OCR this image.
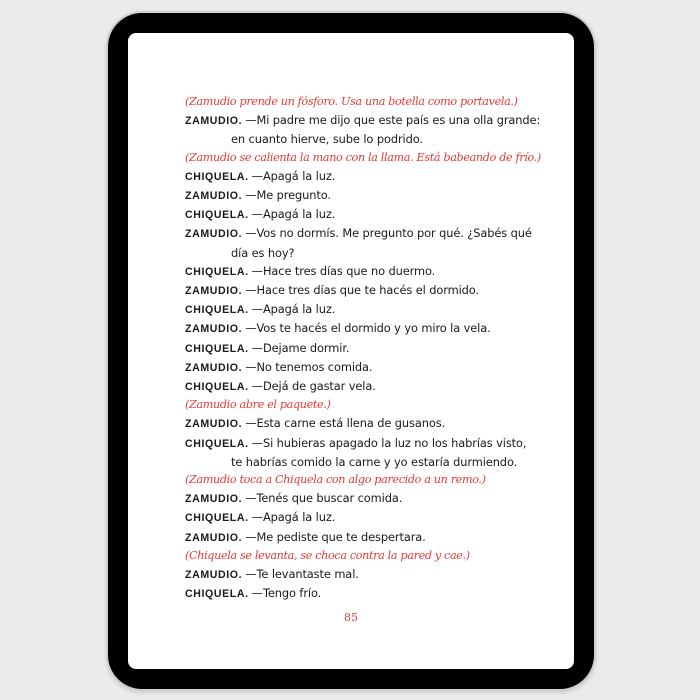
(Zamudio prende un fósforo. Usa una botella como portavela.)
ZAMUDIO. —Mi padre me dijo que este país es una olla grande:
en cuanto hierve, sube lo podrido.
(Zamudio se calienta la mano con la llama. Está babeando de frío.)
CHIQUELA. —Apagá la luz.
ZAMUDIO. —Me pregunto.
CHIQUELA. —Apagá la luz.
ZAMUDIO. —Vos no dormís. Me pregunto por qué. ¿Sabés qué
día es hoy?
CHIQUELA. —Hace tres días que no duermo.
ZAMUDIO. —Hace tres días que te hacés el dormido.
CHIQUELA. —Apagá la luz.
ZAMUDIO. —Vos te hacés el dormido y yo miro la vela.
CHIQUELA. —Dejame dormir.
ZAMUDIO. —No tenemos comida.
CHIQUELA. —Dejá de gastar vela.
(Zamudio abre el paquete.)
ZAMUDIO. —Esta carne está llena de gusanos.
CHIQUELA. —Si hubieras apagado la luz no los habrías visto,
te habrías comido la carne y yo estaría durmiendo.
(Zamudio toca a Chiquela con algo parecido a un remo.)
ZAMUDIO. —Tenés que buscar comida.
CHIQUELA. —Apagá la luz.
ZAMUDIO. —Me pediste que te despertara.
(Chiquela se levanta, se choca contra la pared y cae.)
ZAMUDIO. —Te levantaste mal.
CHIQUELA. —Tengo frío.
85
